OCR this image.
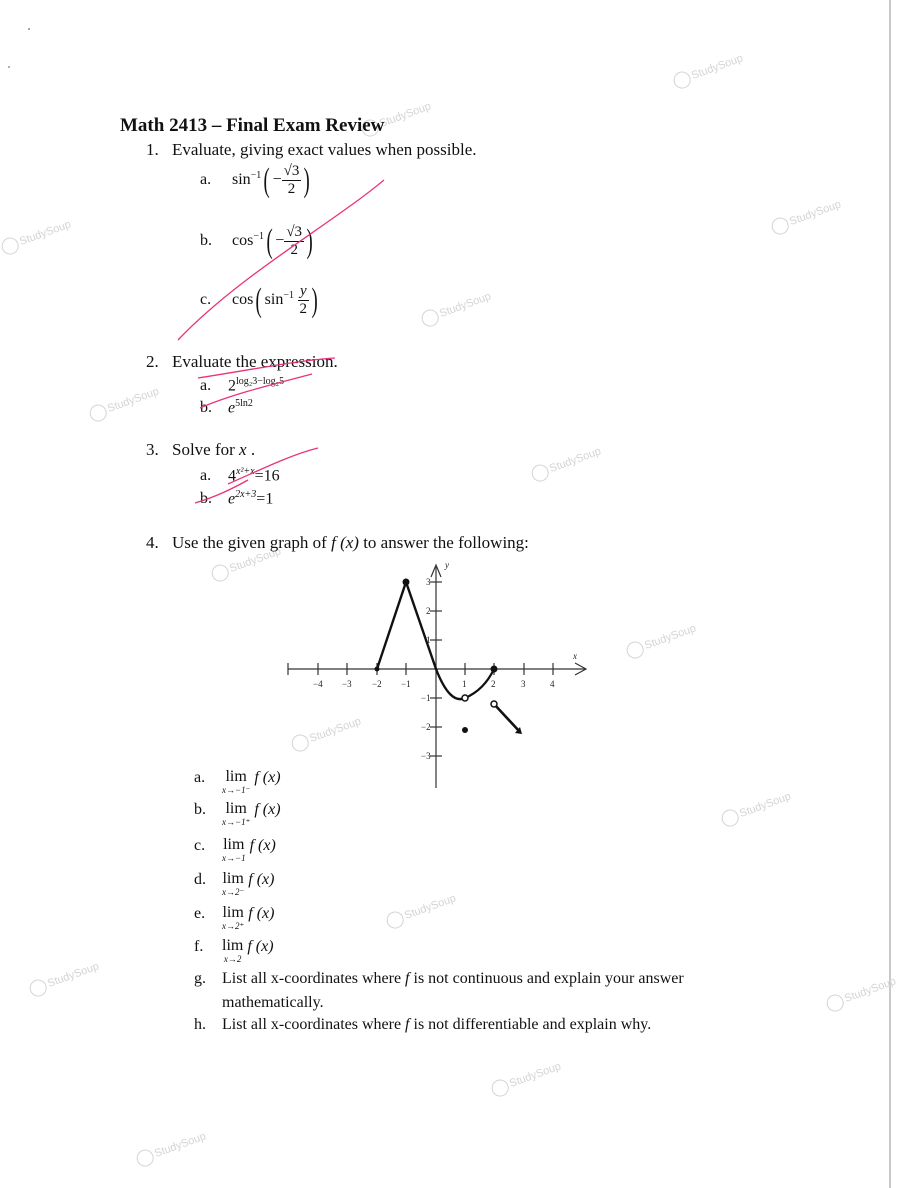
StudySoup
StudySoup
StudySoup
StudySoup
StudySoup
StudySoup
StudySoup
StudySoup
StudySoup
StudySoup
StudySoup
StudySoup
StudySoup
StudySoup
StudySoup
StudySoup
Math 2413 – Final Exam Review
1. Evaluate, giving exact values when possible.
a. $\sin^{-1}( - \frac{√3}{2}$ )
b. $\cos^{-1}( - \frac{√3}{2}$ )
c. cos( $\sin^{-1} \frac{y}{2}$ )
2. Evaluate the expression.
a. $2^{log_23-log_25}$
b. $e^{5ln2}$
3. Solve for x .
a. $4^{x^2+x}=16$
b. $e^{2x+3}=1$
4. Use the given graph of f (x) to answer the following:
−4 −3 −2 −1	1	2	3	4
3
2
1
−1
−2
−3
x
y
a. lim
x→−1⁻
f (x)
b. lim
x→−1⁺
f (x)
c. lim
x→−1
f (x)
d. lim
x→2⁻
f (x)
e. lim
x→2⁺
f (x)
f. lim
x→2
f (x)
g. List all x-coordinates where f is not continuous and explain your answer
mathematically.
h. List all x-coordinates where f is not differentiable and explain why.
